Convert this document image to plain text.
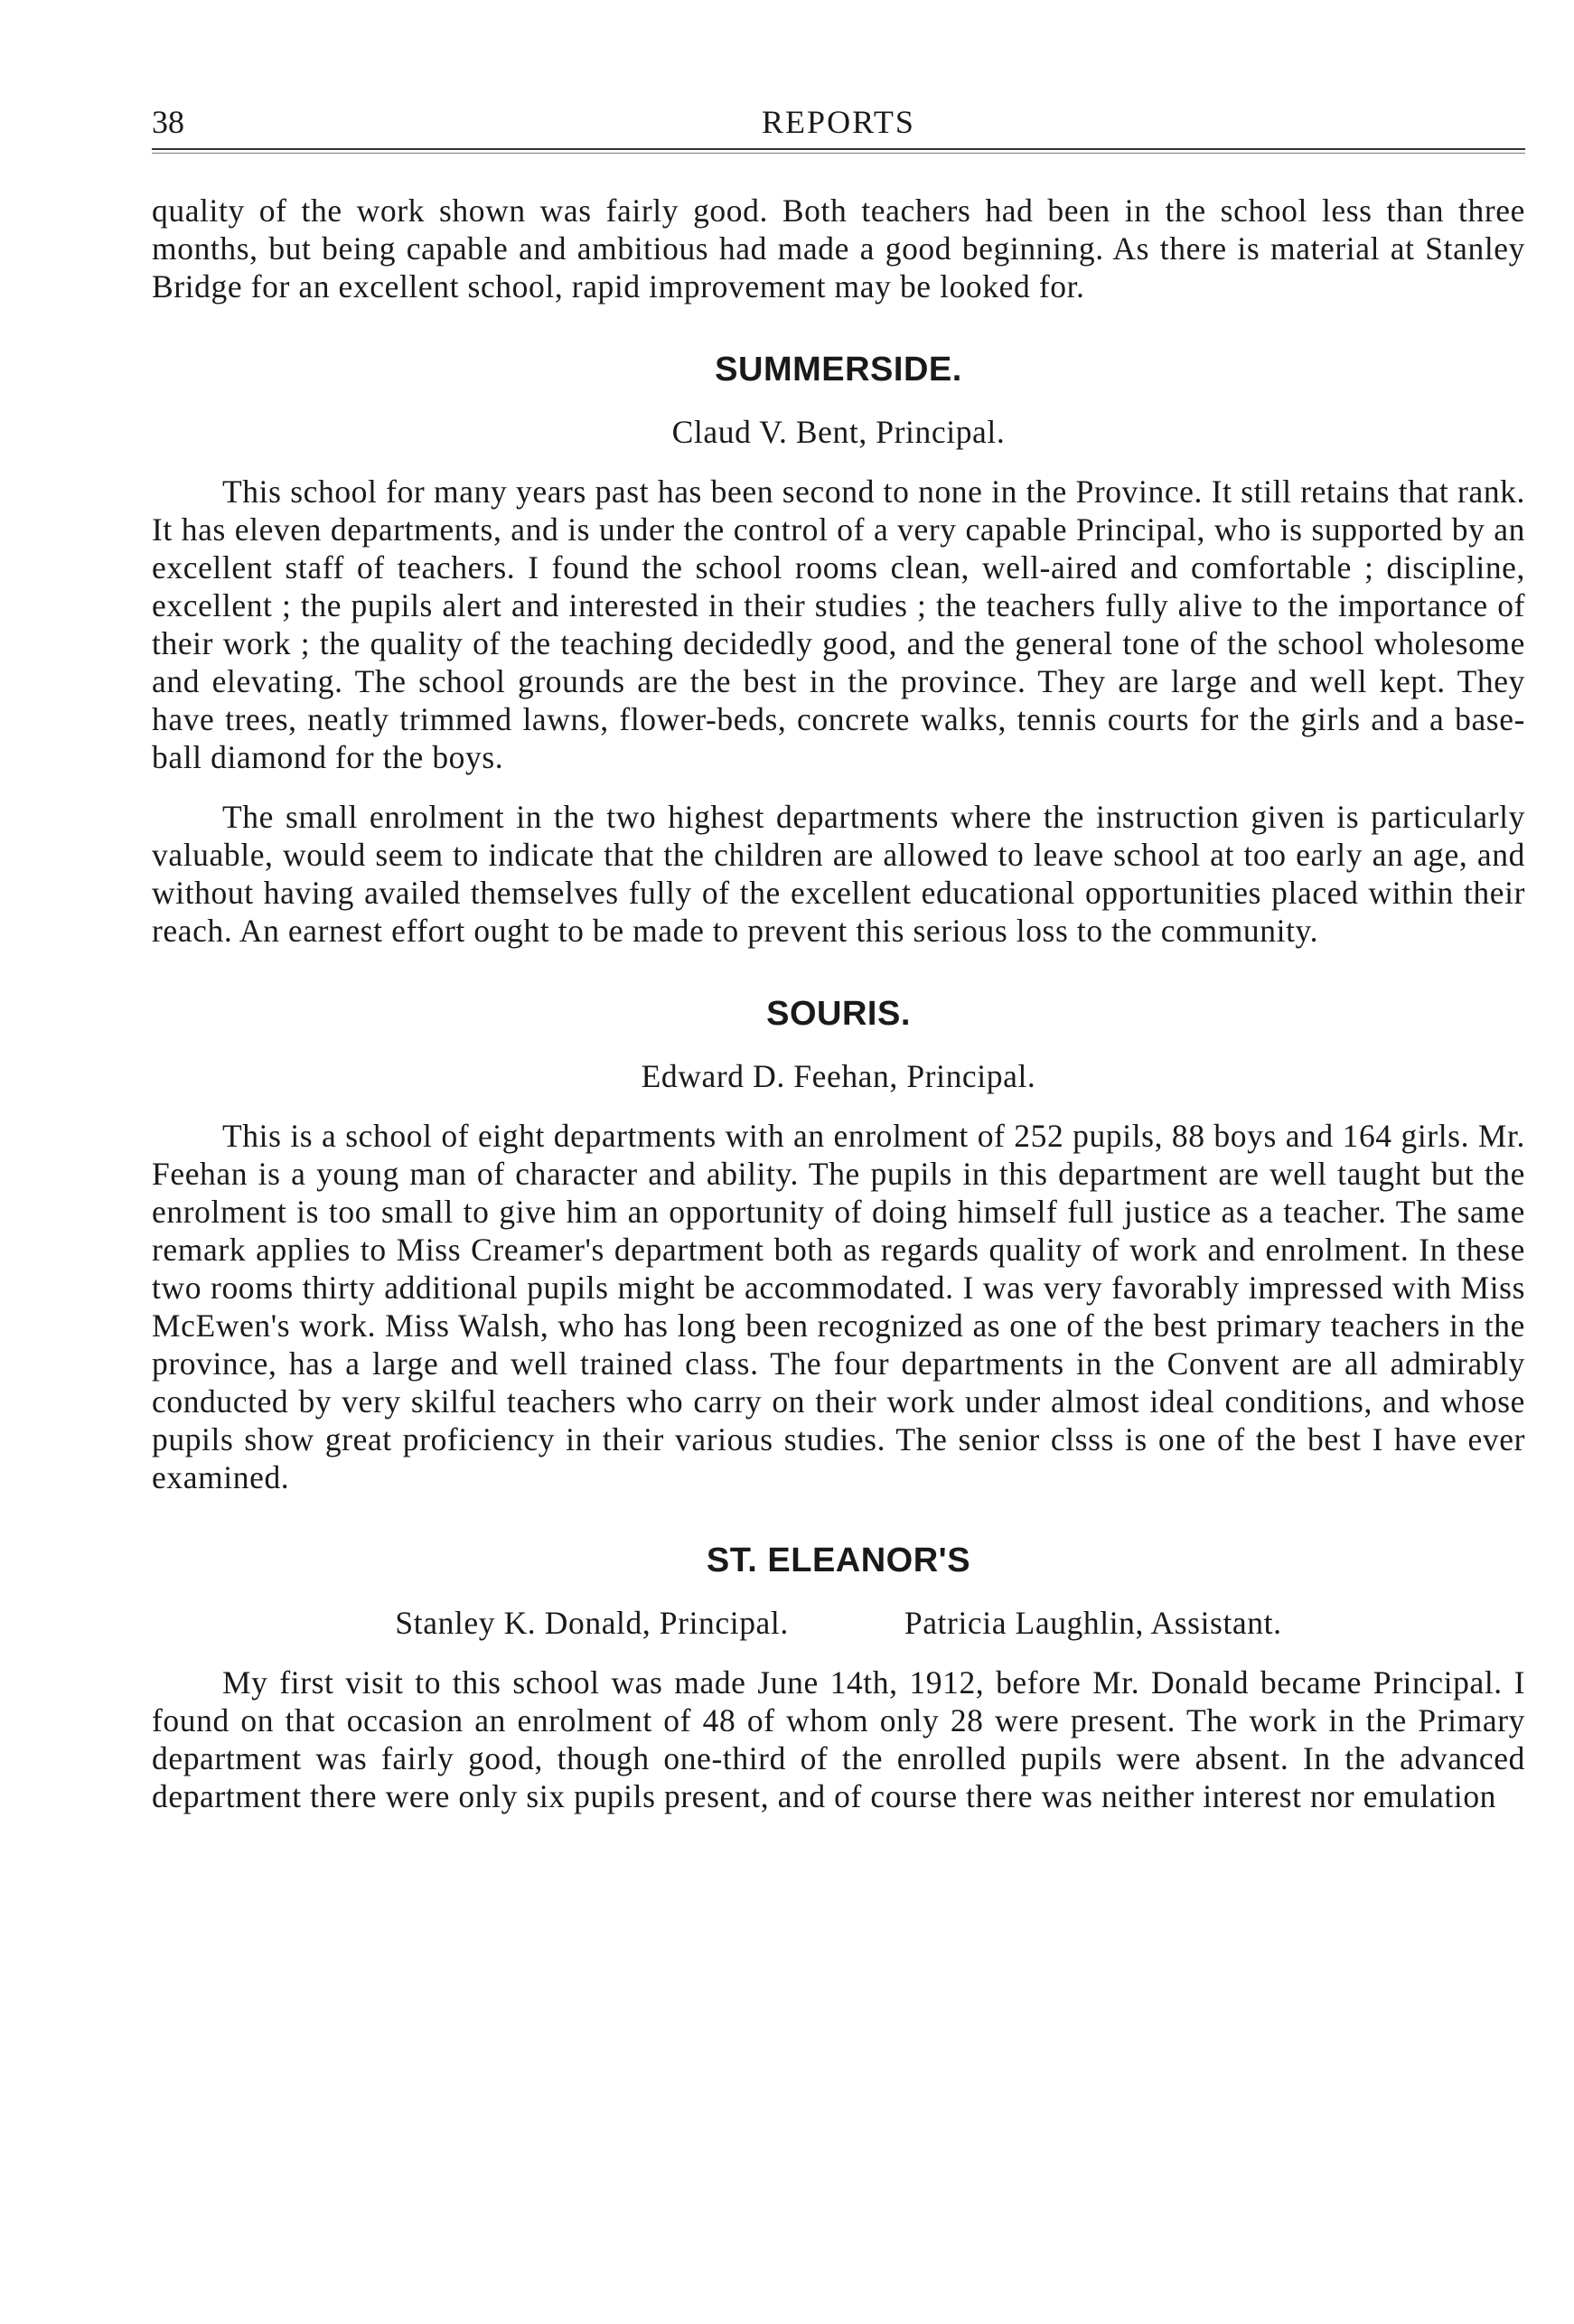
38	REPORTS

quality of the work shown was fairly good. Both teachers had been in the school less than three months, but being capable and ambitious had made a good beginning. As there is material at Stanley Bridge for an excellent school, rapid improvement may be looked for.

SUMMERSIDE.
Claud V. Bent, Principal.

This school for many years past has been second to none in the Province. It still retains that rank. It has eleven departments, and is under the control of a very capable Principal, who is supported by an excellent staff of teachers. I found the school rooms clean, well-aired and comfortable ; discipline, excellent ; the pupils alert and interested in their studies ; the teachers fully alive to the importance of their work ; the quality of the teaching decidedly good, and the general tone of the school wholesome and elevating. The school grounds are the best in the province. They are large and well kept. They have trees, neatly trimmed lawns, flower-beds, concrete walks, tennis courts for the girls and a base-ball diamond for the boys.

The small enrolment in the two highest departments where the instruction given is particularly valuable, would seem to indicate that the children are allowed to leave school at too early an age, and without having availed themselves fully of the excellent educational opportunities placed within their reach. An earnest effort ought to be made to prevent this serious loss to the community.

SOURIS.
Edward D. Feehan, Principal.

This is a school of eight departments with an enrolment of 252 pupils, 88 boys and 164 girls. Mr. Feehan is a young man of character and ability. The pupils in this department are well taught but the enrolment is too small to give him an opportunity of doing himself full justice as a teacher. The same remark applies to Miss Creamer's department both as regards quality of work and enrolment. In these two rooms thirty additional pupils might be accommodated. I was very favorably impressed with Miss McEwen's work. Miss Walsh, who has long been recognized as one of the best primary teachers in the province, has a large and well trained class. The four departments in the Convent are all admirably conducted by very skilful teachers who carry on their work under almost ideal conditions, and whose pupils show great proficiency in their various studies. The senior clsss is one of the best I have ever examined.

ST. ELEANOR'S
Stanley K. Donald, Principal.	Patricia Laughlin, Assistant.

My first visit to this school was made June 14th, 1912, before Mr. Donald became Principal. I found on that occasion an enrolment of 48 of whom only 28 were present. The work in the Primary department was fairly good, though one-third of the enrolled pupils were absent. In the advanced department there were only six pupils present, and of course there was neither interest nor emulation
